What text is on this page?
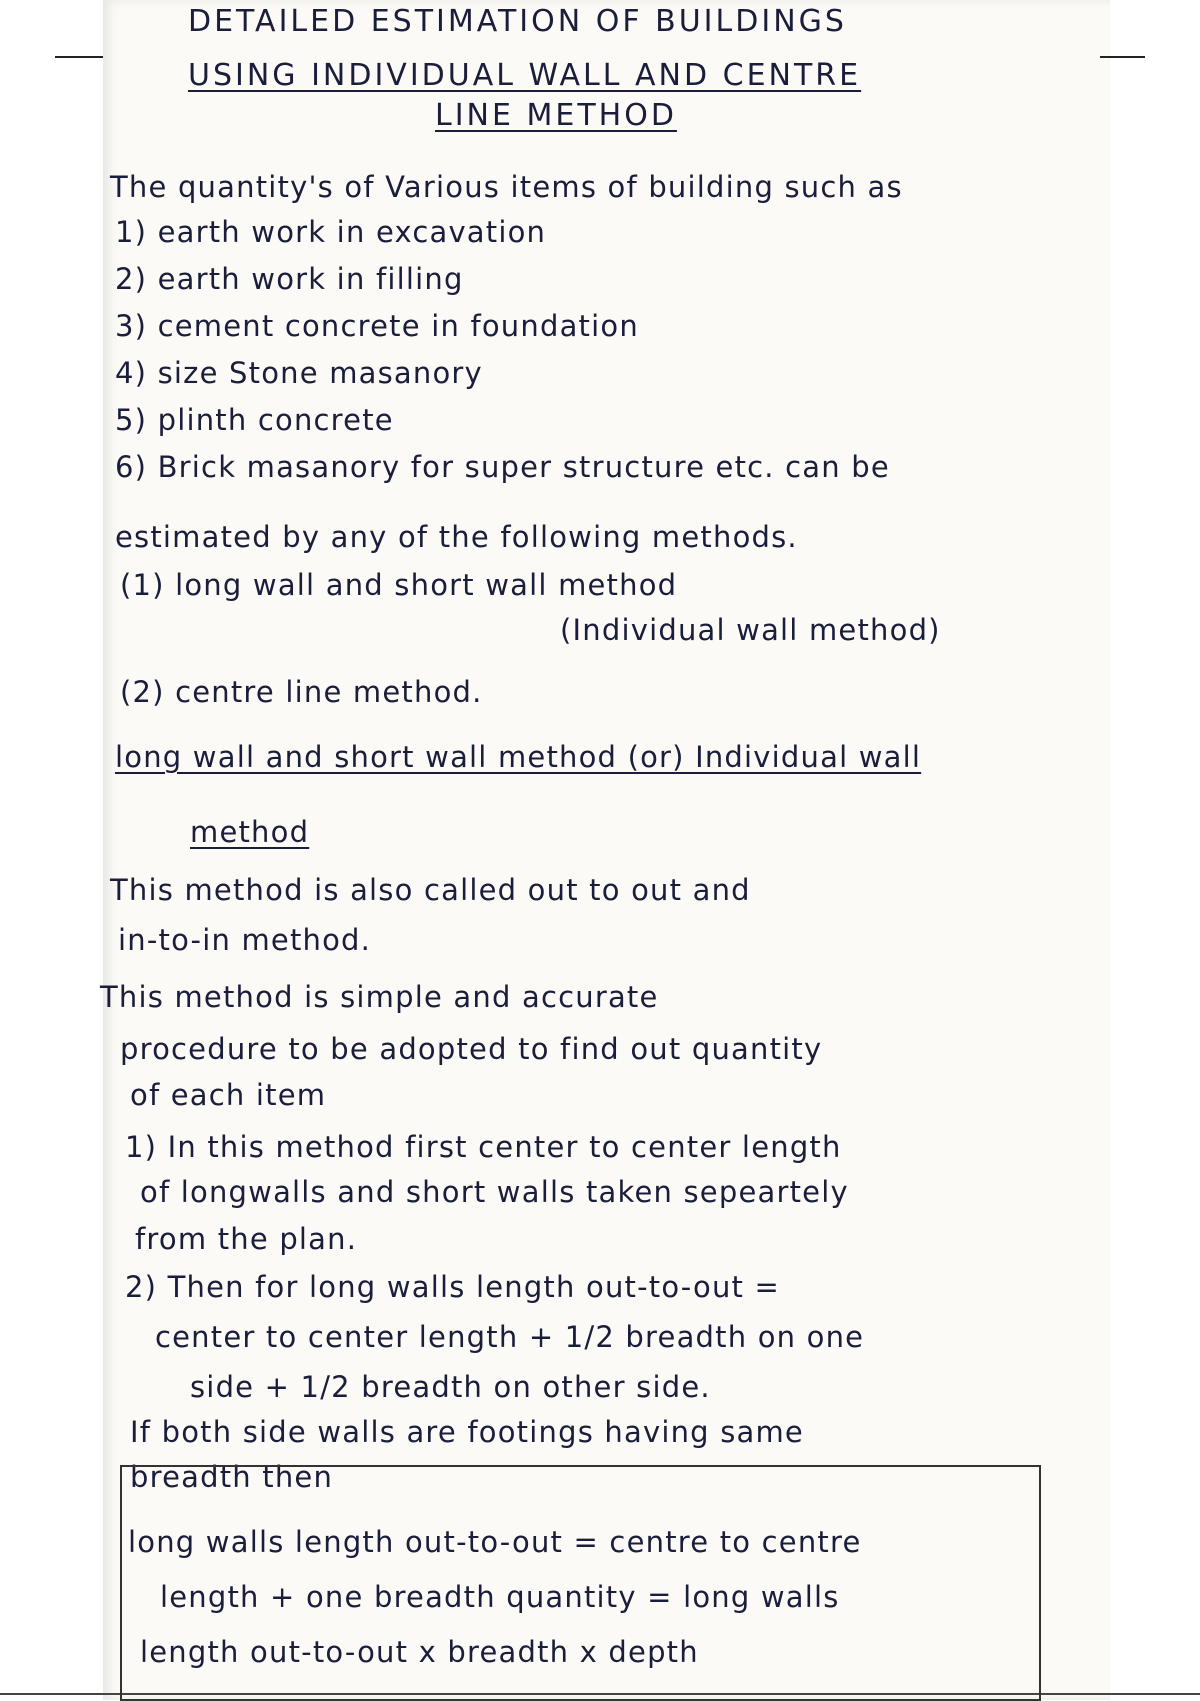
DETAILED ESTIMATION OF BUILDINGS
USING INDIVIDUAL WALL AND CENTRE
LINE METHOD
The quantity's of Various items of building such as
1) earth work in excavation
2) earth work in filling
3) cement concrete in foundation
4) size Stone masanory
5) plinth concrete
6) Brick masanory for super structure etc. can be
estimated by any of the following methods.
(1) long wall and short wall method
(Individual wall method)
(2) centre line method.
long wall and short wall method (or) Individual wall
method
This method is also called out to out and
in-to-in method.
This method is simple and accurate
procedure to be adopted to find out quantity
of each item
1) In this method first center to center length
of longwalls and short walls taken sepeartely
from the plan.
2) Then for long walls length out-to-out =
center to center length + 1/2 breadth on one
side + 1/2 breadth on other side.
If both side walls are footings having same
breadth then
long walls length out-to-out = centre to centre
length + one breadth quantity = long walls
length out-to-out x breadth x depth
